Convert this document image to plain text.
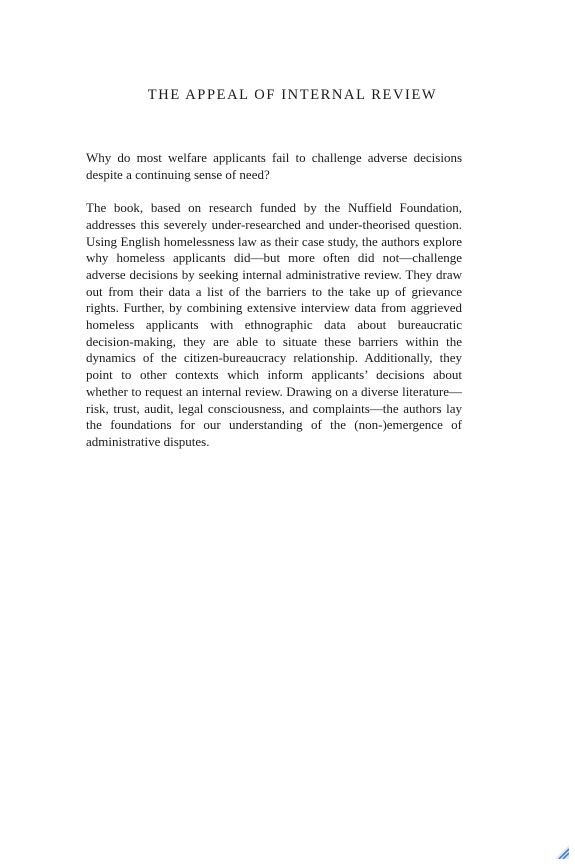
THE APPEAL OF INTERNAL REVIEW

Why do most welfare applicants fail to challenge adverse decisions despite a continuing sense of need?

The book, based on research funded by the Nuffield Foundation, addresses this severely under-researched and under-theorised question. Using English homelessness law as their case study, the authors explore why homeless applicants did—but more often did not—challenge adverse decisions by seeking internal administrative review. They draw out from their data a list of the barriers to the take up of grievance rights. Further, by combining extensive interview data from aggrieved homeless applicants with ethnographic data about bureaucratic decision-making, they are able to situate these barriers within the dynamics of the citizen-bureaucracy relationship. Additionally, they point to other contexts which inform applicants’ decisions about whether to request an internal review. Drawing on a diverse literature—risk, trust, audit, legal consciousness, and complaints—the authors lay the foundations for our understanding of the (non-)emergence of administrative disputes.
